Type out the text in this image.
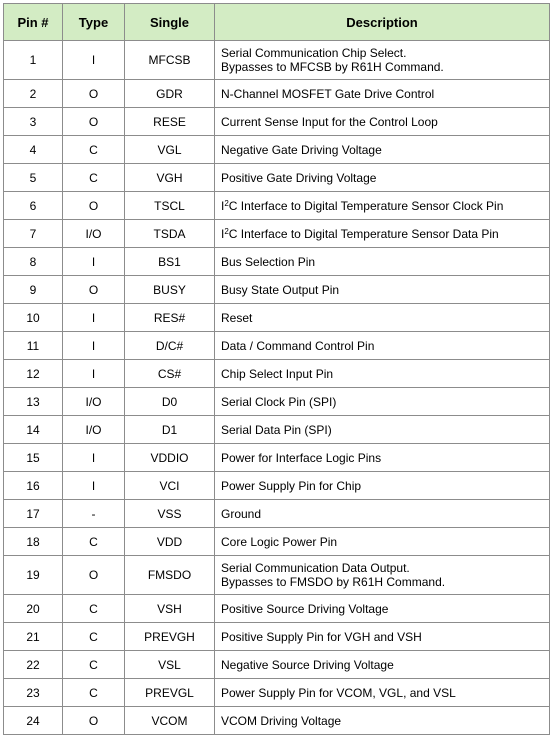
Pin #	Type	Single	Description
1	I	MFCSB	Serial Communication Chip Select.
Bypasses to MFCSB by R61H Command.

2	O	GDR	N-Channel MOSFET Gate Drive Control

3	O	RESE	Current Sense Input for the Control Loop

4	C	VGL	Negative Gate Driving Voltage

5	C	VGH	Positive Gate Driving Voltage

6	O	TSCL	$I^2C$ Interface to Digital Temperature Sensor Clock Pin

7	I/O	TSDA	$I^2C$ Interface to Digital Temperature Sensor Data Pin

8	I	BS1	Bus Selection Pin

9	O	BUSY	Busy State Output Pin

10	I	RES#	Reset

11	I	D/C#	Data / Command Control Pin

12	I	CS#	Chip Select Input Pin

13	I/O	D0	Serial Clock Pin (SPI)

14	I/O	D1	Serial Data Pin (SPI)

15	I	VDDIO	Power for Interface Logic Pins

16	I	VCI	Power Supply Pin for Chip

17	-	VSS	Ground

18	C	VDD	Core Logic Power Pin

19	O	FMSDO	Serial Communication Data Output.
Bypasses to FMSDO by R61H Command.

20	C	VSH	Positive Source Driving Voltage

21	C	PREVGH	Positive Supply Pin for VGH and VSH

22	C	VSL	Negative Source Driving Voltage

23	C	PREVGL	Power Supply Pin for VCOM, VGL, and VSL

24	O	VCOM	VCOM Driving Voltage
